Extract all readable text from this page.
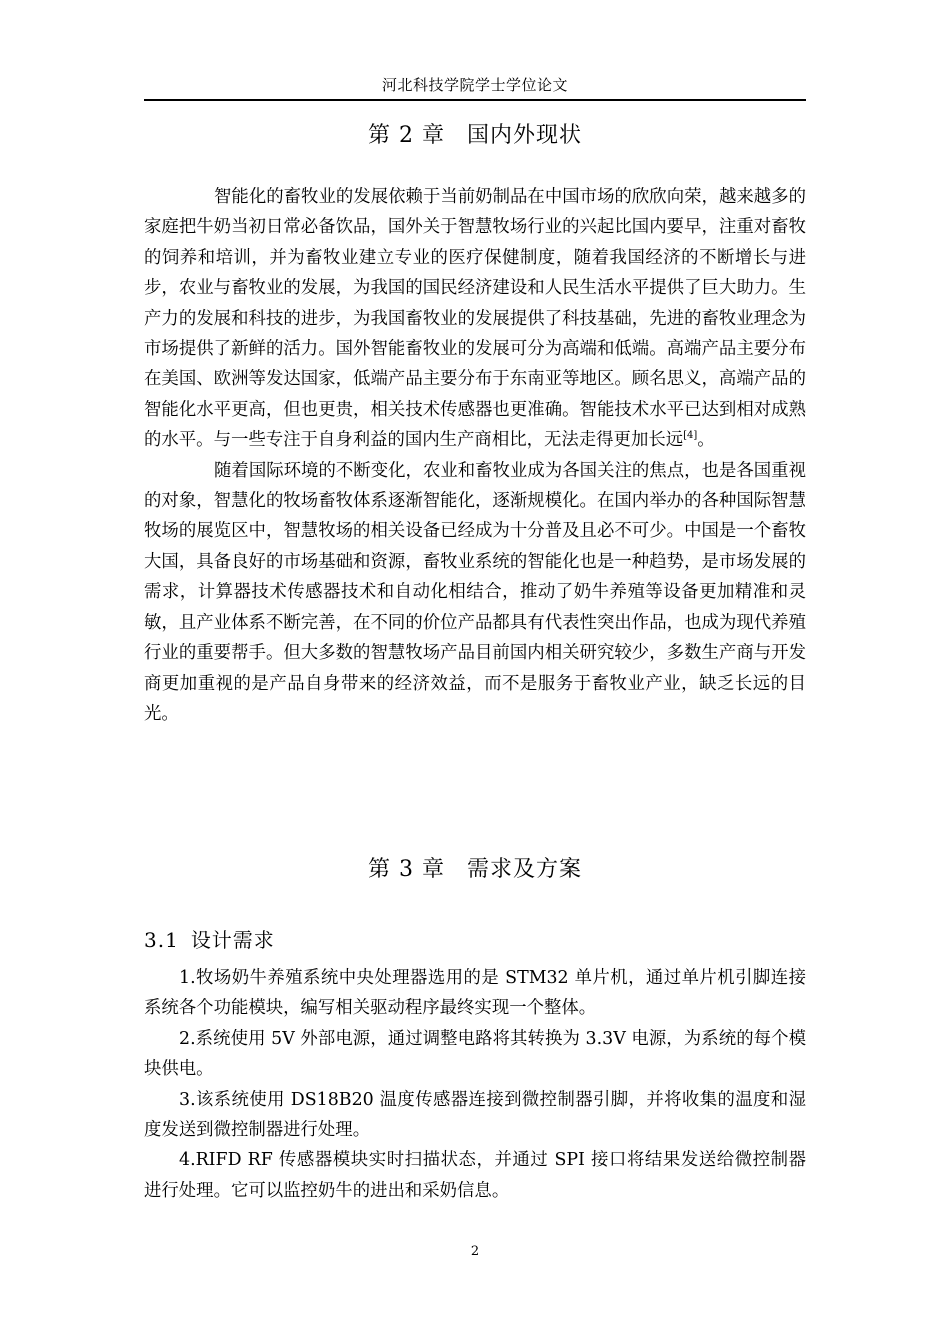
河北科技学院学士学位论文
第 2 章 国内外现状

智能化的畜牧业的发展依赖于当前奶制品在中国市场的欣欣向荣，越来越多的家庭把牛奶当初日常必备饮品，国外关于智慧牧场行业的兴起比国内要早，注重对畜牧的饲养和培训，并为畜牧业建立专业的医疗保健制度，随着我国经济的不断增长与进步，农业与畜牧业的发展，为我国的国民经济建设和人民生活水平提供了巨大助力。生产力的发展和科技的进步，为我国畜牧业的发展提供了科技基础，先进的畜牧业理念为市场提供了新鲜的活力。国外智能畜牧业的发展可分为高端和低端。高端产品主要分布在美国、欧洲等发达国家，低端产品主要分布于东南亚等地区。顾名思义，高端产品的智能化水平更高，但也更贵，相关技术传感器也更准确。智能技术水平已达到相对成熟的水平。与一些专注于自身利益的国内生产商相比，无法走得更加长远[4]。

随着国际环境的不断变化，农业和畜牧业成为各国关注的焦点，也是各国重视的对象，智慧化的牧场畜牧体系逐渐智能化，逐渐规模化。在国内举办的各种国际智慧牧场的展览区中，智慧牧场的相关设备已经成为十分普及且必不可少。中国是一个畜牧大国，具备良好的市场基础和资源，畜牧业系统的智能化也是一种趋势，是市场发展的需求，计算器技术传感器技术和自动化相结合，推动了奶牛养殖等设备更加精准和灵敏，且产业体系不断完善，在不同的价位产品都具有代表性突出作品，也成为现代养殖行业的重要帮手。但大多数的智慧牧场产品目前国内相关研究较少，多数生产商与开发商更加重视的是产品自身带来的经济效益，而不是服务于畜牧业产业，缺乏长远的目光。

第 3 章 需求及方案
3.1 设计需求

1.牧场奶牛养殖系统中央处理器选用的是 STM32 单片机，通过单片机引脚连接系统各个功能模块，编写相关驱动程序最终实现一个整体。

2.系统使用 5V 外部电源，通过调整电路将其转换为 3.3V 电源，为系统的每个模块供电。

3.该系统使用 DS18B20 温度传感器连接到微控制器引脚，并将收集的温度和湿度发送到微控制器进行处理。

4.RIFD RF 传感器模块实时扫描状态，并通过 SPI 接口将结果发送给微控制器进行处理。它可以监控奶牛的进出和采奶信息。

2
